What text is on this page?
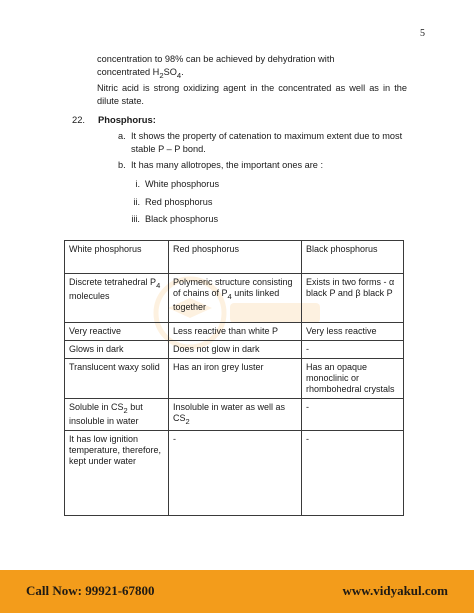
5
concentration to 98% can be achieved by dehydration with
concentrated $H_2SO_4$.
Nitric acid is strong oxidizing agent in the concentrated as well as in the dilute state.
22. Phosphorus:
a. It shows the property of catenation to maximum extent due to most stable P – P bond.
b. It has many allotropes, the important ones are :
i. White phosphorus
ii. Red phosphorus
iii. Black phosphorus
White phosphorus	Red phosphorus	Black phosphorus
Discrete tetrahedral $P_4$ molecules	Polymeric structure consisting of chains of $P_4$ units linked together	Exists in two forms - α black P and β black P
Very reactive	Less reactive than white P	Very less reactive
Glows in dark	Does not glow in dark	-
Translucent waxy solid	Has an iron grey luster	Has an opaque monoclinic or rhombohedral crystals
Soluble in $CS_2$ but insoluble in water	Insoluble in water as well as $CS_2$	-
It has low ignition temperature, therefore, kept under water	-	-
Call Now: 99921-67800	www.vidyakul.com
